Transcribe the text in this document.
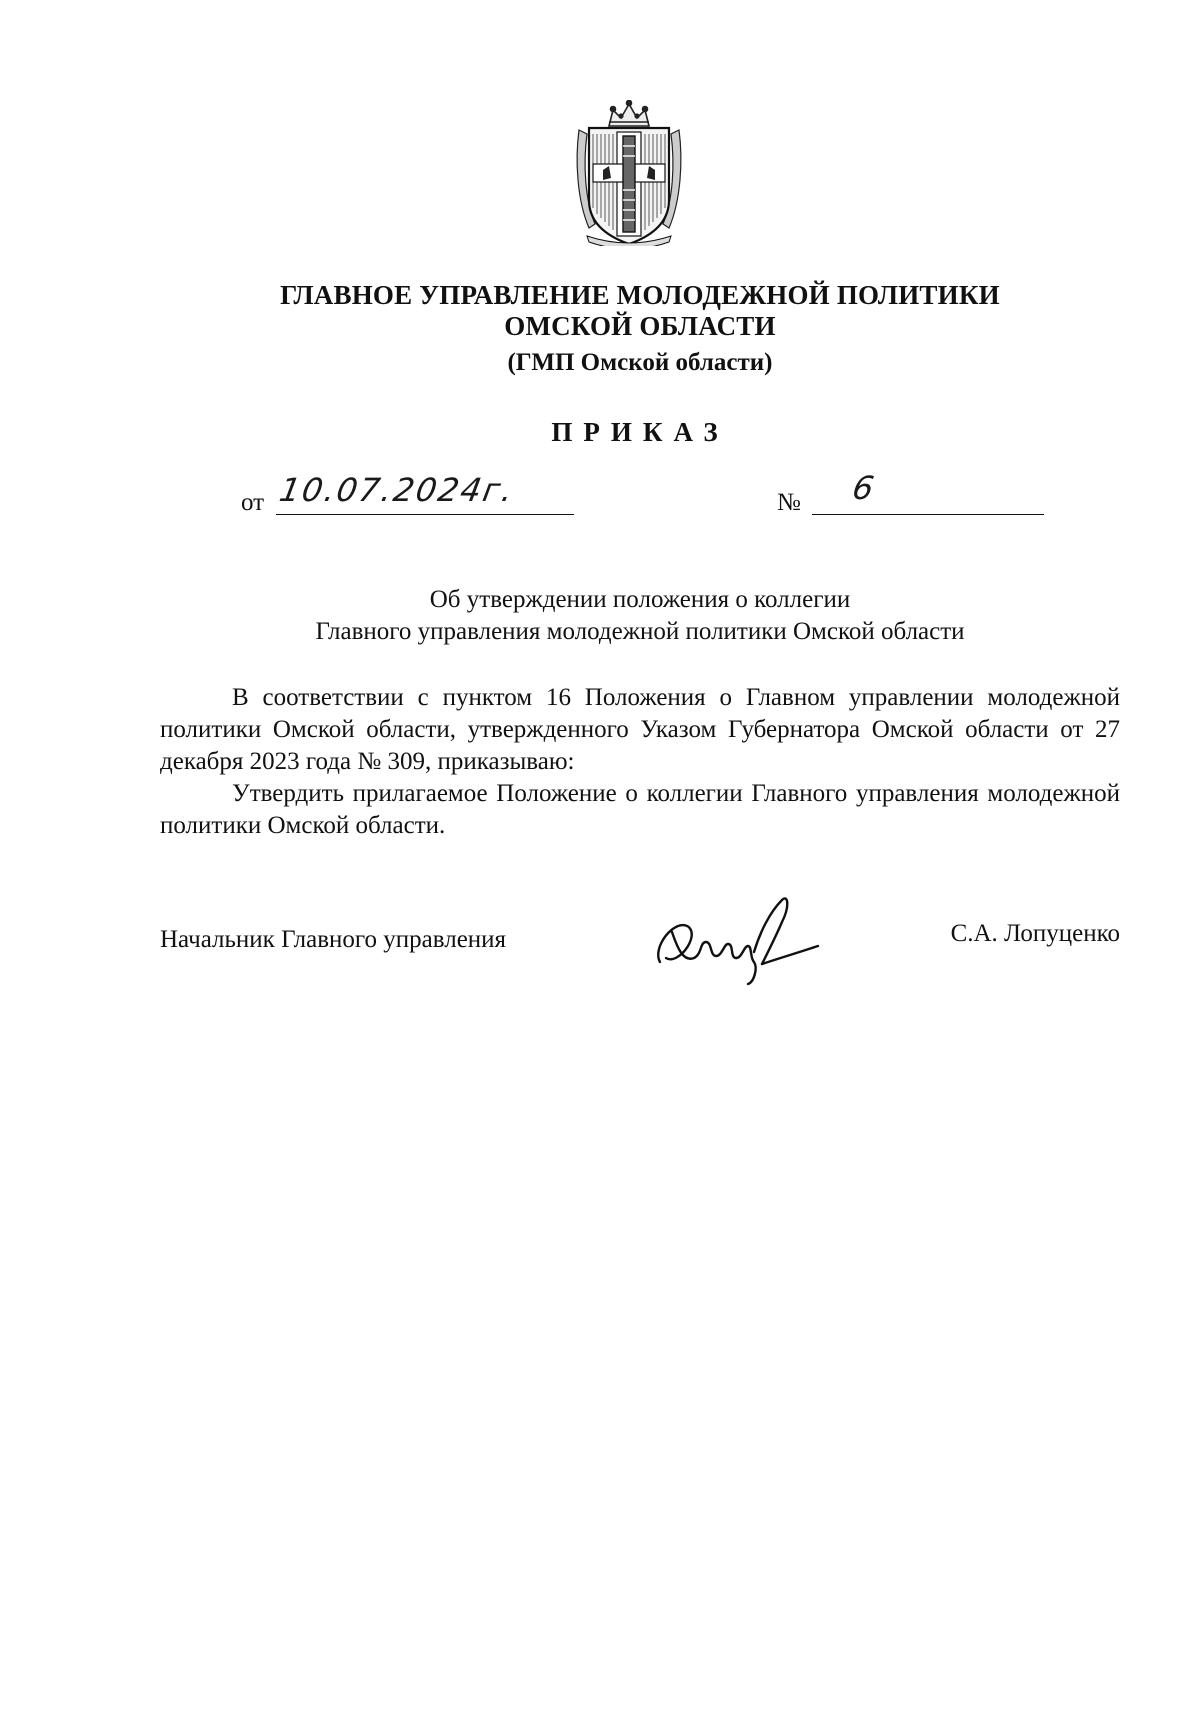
ГЛАВНОЕ УПРАВЛЕНИЕ МОЛОДЕЖНОЙ ПОЛИТИКИ
ОМСКОЙ ОБЛАСТИ
(ГМП Омской области)
ПРИКАЗ
от 10.07.2024г.	№ 6
Об утверждении положения о коллегии
Главного управления молодежной политики Омской области
В соответствии с пунктом 16 Положения о Главном управлении молодежной политики Омской области, утвержденного Указом Губернатора Омской области от 27 декабря 2023 года № 309, приказываю:
Утвердить прилагаемое Положение о коллегии Главного управления молодежной политики Омской области.
Начальник Главного управления	С.А. Лопуценко
